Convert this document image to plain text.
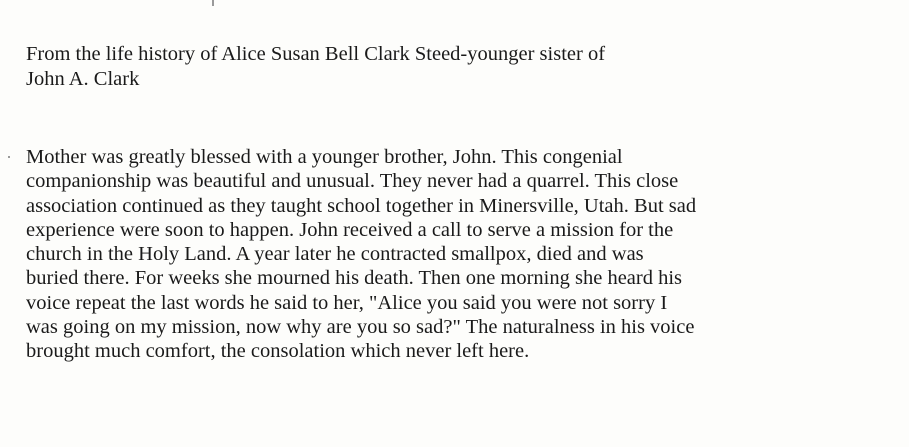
From the life history of Alice Susan Bell Clark Steed-younger sister of
John A. Clark
Mother was greatly blessed with a younger brother, John. This congenial
companionship was beautiful and unusual. They never had a quarrel. This close
association continued as they taught school together in Minersville, Utah. But sad
experience were soon to happen. John received a call to serve a mission for the
church in the Holy Land. A year later he contracted smallpox, died and was
buried there. For weeks she mourned his death. Then one morning she heard his
voice repeat the last words he said to her, "Alice you said you were not sorry I
was going on my mission, now why are you so sad?" The naturalness in his voice
brought much comfort, the consolation which never left here.
